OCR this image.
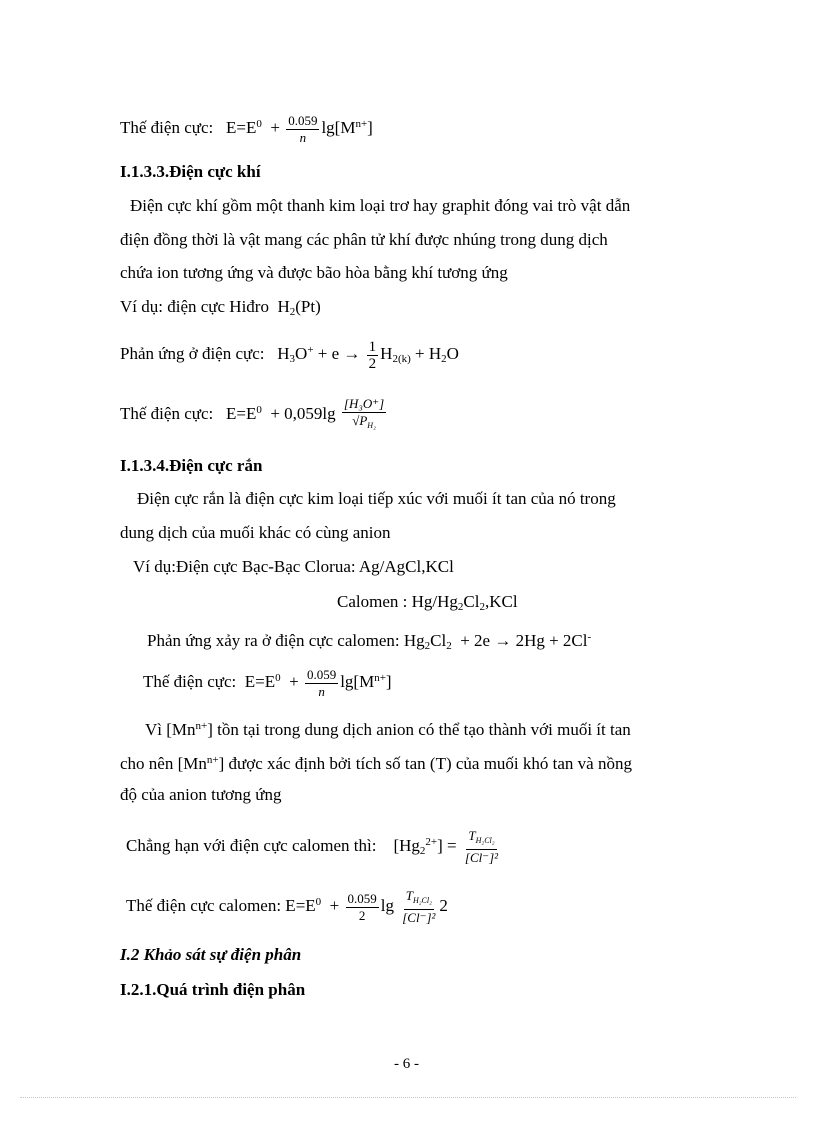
Thế điện cực: $E=E^0 + \frac{0.059}{n} \lg[M^{n+}]$
I.1.3.3.Điện cực khí
Điện cực khí gồm một thanh kim loại trơ hay graphit đóng vai trò vật dẫn
điện đồng thời là vật mang các phân tử khí được nhúng trong dung dịch
chứa ion tương ứng và được bão hòa bằng khí tương ứng
Ví dụ: điện cực Hiđro $H_2(Pt)$
Phản ứng ở điện cực: $H_3O^+ + e \to \frac{1}{2} H_{2(k)} + H_2O$
Thế điện cực: $E=E^0 + 0,059\lg \frac{\text{[H₃O⁺]}}{√P_{H_2}}$
I.1.3.4.Điện cực rắn
Điện cực rắn là điện cực kim loại tiếp xúc với muối ít tan của nó trong
dung dịch của muối khác có cùng anion
Ví dụ:Điện cực Bạc-Bạc Clorua: Ag/AgCl,KCl
Calomen : $Hg/Hg_2Cl_2,KCl$
Phản ứng xảy ra ở điện cực calomen: $Hg_2Cl_2 + 2e \to 2Hg + 2Cl^-$
Thế điện cực: $E=E^0 + \frac{0.059}{n} \lg[M^{n+}]$
Vì $[Mn^{n+}]$ tồn tại trong dung dịch anion có thể tạo thành với muối ít tan
cho nên $[Mn^{n+}]$ được xác định bởi tích số tan (T) của muối khó tan và nồng
độ của anion tương ứng
Chẳng hạn với điện cực calomen thì: $[Hg_2^{2+}] = \frac{T_{H_2Cl_2}}{\text{[Cl⁻]²}}$
Thế điện cực calomen: $E=E^0 + \frac{0.059}{2}$ $\lg \frac{T_{H_2Cl_2}}{\text{[Cl⁻]²}} 2$
I.2 Khảo sát sự điện phân
I.2.1.Quá trình điện phân
- 6 -
